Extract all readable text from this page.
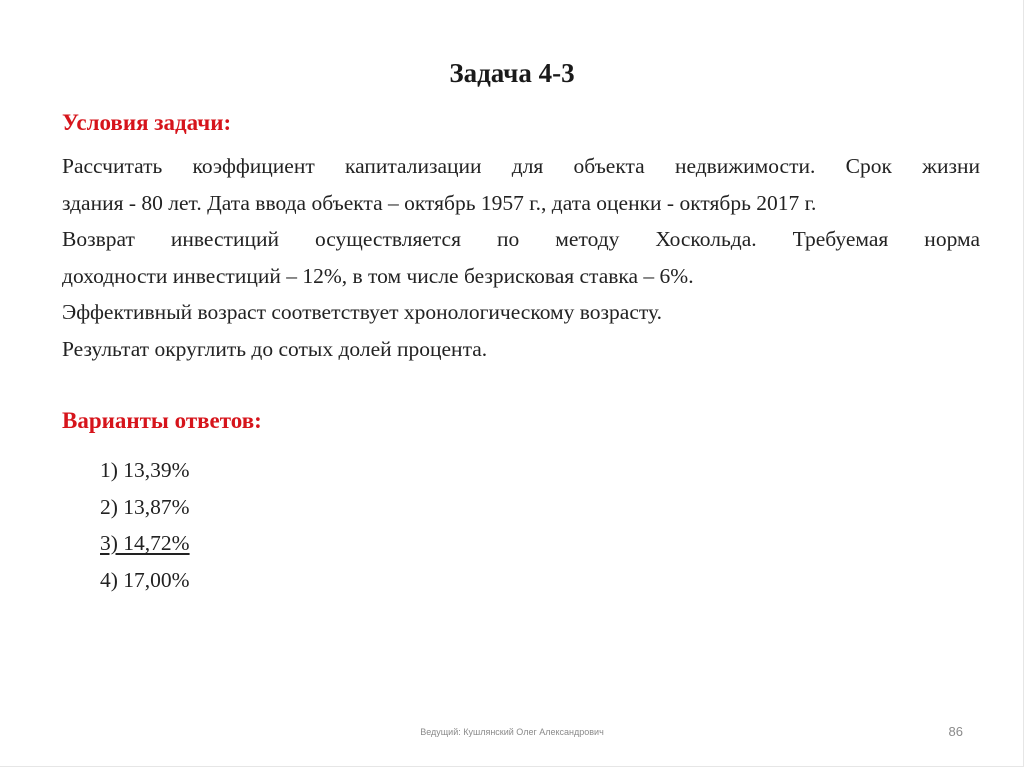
Задача 4-3
Условия задачи:
Рассчитать коэффициент капитализации для объекта недвижимости. Срок жизни
здания - 80 лет. Дата ввода объекта – октябрь 1957 г., дата оценки - октябрь 2017 г.
Возврат инвестиций осуществляется по методу Хоскольда. Требуемая норма
доходности инвестиций – 12%, в том числе безрисковая ставка – 6%.
Эффективный возраст соответствует хронологическому возрасту.
Результат округлить до сотых долей процента.
Варианты ответов:
1) 13,39%
2) 13,87%
3) 14,72%
4) 17,00%
Ведущий: Кушлянский Олег Александрович	86
